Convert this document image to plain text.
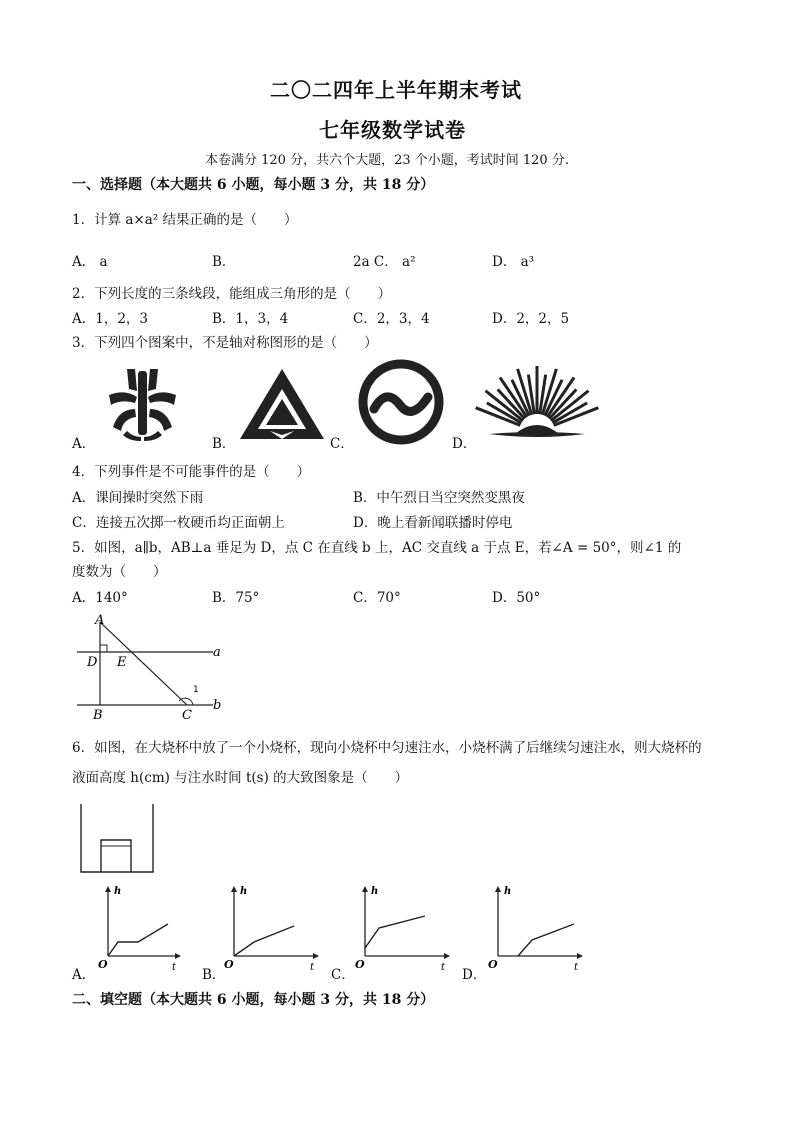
二〇二四年上半年期末考试
七年级数学试卷
本卷满分 120 分，共六个大题，23 个小题，考试时间 120 分.
一、选择题（本大题共 6 小题，每小题 3 分，共 18 分）
1．计算 a×a² 结果正确的是（　　）
A． a	B．	2a C． a²	D． a³
2．下列长度的三条线段，能组成三角形的是（　　）
A．1，2，3	B．1，3，4	C．2，3，4	D．2，2，5
3．下列四个图案中，不是轴对称图形的是（　　）
A．	B．	C．	D．
4．下列事件是不可能事件的是（　　）
A．课间操时突然下雨	B．中午烈日当空突然变黑夜
C．连接五次掷一枚硬币均正面朝上	D．晚上看新闻联播时停电
5．如图，a∥b，AB⊥a 垂足为 D，点 C 在直线 b 上，AC 交直线 a 于点 E，若∠A = 50°，则∠1 的
度数为（　　）
A．140°	B．75°	C．70°	D．50°
A
D E
B	C
a
b
1
6．如图，在大烧杯中放了一个小烧杯，现向小烧杯中匀速注水，小烧杯满了后继续匀速注水，则大烧杯的
液面高度 h(cm) 与注水时间 t(s) 的大致图象是（　　）
h
t
O
h
t
O
h
t
O
h
t
O
A．	B．	C．	D．
二、填空题（本大题共 6 小题，每小题 3 分，共 18 分）
